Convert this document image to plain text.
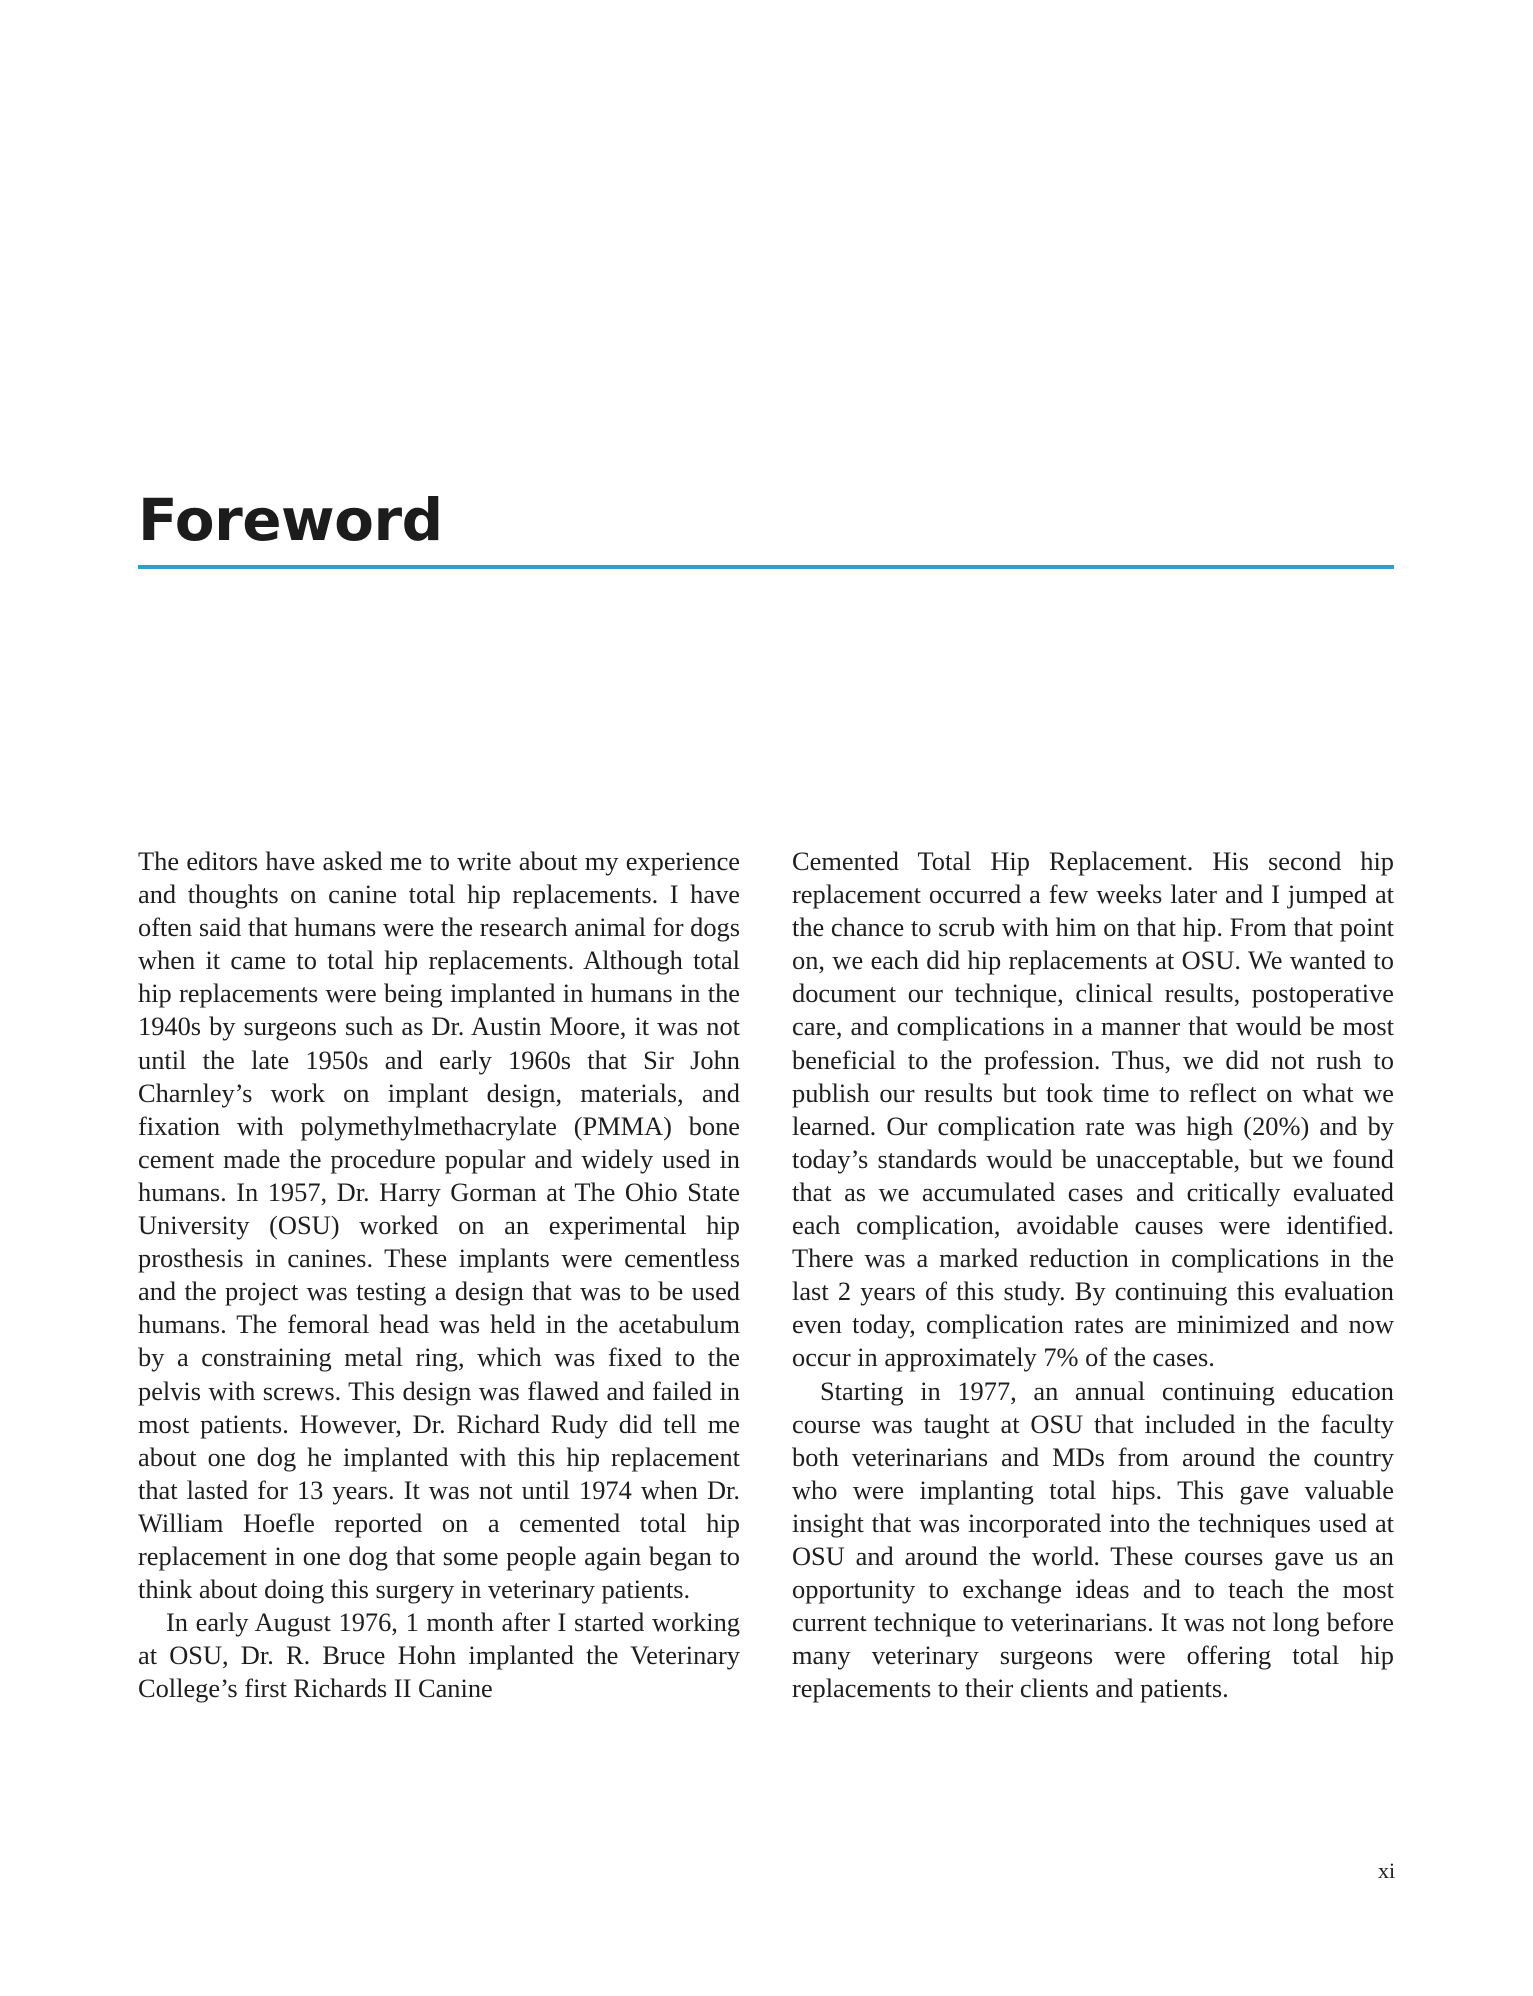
Foreword

The editors have asked me to write about my experience and thoughts on canine total hip replacements. I have often said that humans were the research animal for dogs when it came to total hip replacements. Although total hip replacements were being implanted in humans in the 1940s by surgeons such as Dr. Austin Moore, it was not until the late 1950s and early 1960s that Sir John Charnley’s work on implant design, materials, and fixation with polymethylmethacrylate (PMMA) bone cement made the procedure popular and widely used in humans. In 1957, Dr. Harry Gorman at The Ohio State University (OSU) worked on an experimental hip prosthesis in canines. These implants were cementless and the project was testing a design that was to be used humans. The femoral head was held in the acetabulum by a constraining metal ring, which was fixed to the pelvis with screws. This design was flawed and failed in most patients. However, Dr. Richard Rudy did tell me about one dog he implanted with this hip replacement that lasted for 13 years. It was not until 1974 when Dr. William Hoefle reported on a cemented total hip replacement in one dog that some people again began to think about doing this surgery in veterinary patients.

In early August 1976, 1 month after I started working at OSU, Dr. R. Bruce Hohn implanted the Veterinary College’s first Richards II Canine

Cemented Total Hip Replacement. His second hip replacement occurred a few weeks later and I jumped at the chance to scrub with him on that hip. From that point on, we each did hip replacements at OSU. We wanted to document our technique, clinical results, postoperative care, and complications in a manner that would be most beneficial to the profession. Thus, we did not rush to publish our results but took time to reflect on what we learned. Our complication rate was high (20%) and by today’s standards would be unacceptable, but we found that as we accumulated cases and critically evaluated each complication, avoidable causes were identified. There was a marked reduction in complications in the last 2 years of this study. By continuing this evaluation even today, complication rates are minimized and now occur in approximately 7% of the cases.

Starting in 1977, an annual continuing education course was taught at OSU that included in the faculty both veterinarians and MDs from around the country who were implanting total hips. This gave valuable insight that was incorporated into the techniques used at OSU and around the world. These courses gave us an opportunity to exchange ideas and to teach the most current technique to veterinarians. It was not long before many veterinary surgeons were offering total hip replacements to their clients and patients.

xi
